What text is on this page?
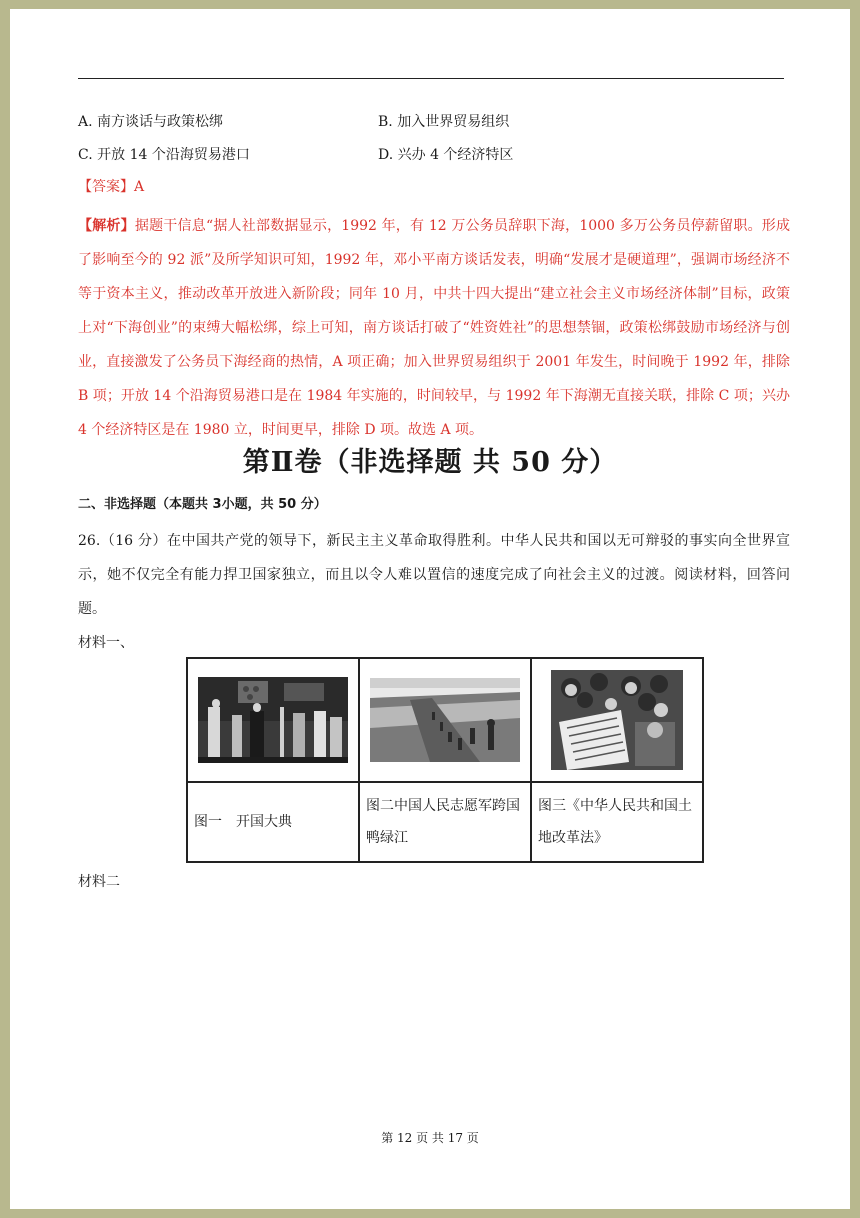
A. 南方谈话与政策松绑	B. 加入世界贸易组织
C. 开放 14 个沿海贸易港口	D. 兴办 4 个经济特区
【答案】A
【解析】据题干信息“据人社部数据显示，1992 年，有 12 万公务员辞职下海，1000 多万公务员停薪留职。形成了影响至今的 92 派”及所学知识可知，1992 年，邓小平南方谈话发表，明确“发展才是硬道理”，强调市场经济不等于资本主义，推动改革开放进入新阶段；同年 10 月，中共十四大提出“建立社会主义市场经济体制”目标，政策上对“下海创业”的束缚大幅松绑，综上可知，南方谈话打破了“姓资姓社”的思想禁锢，政策松绑鼓励市场经济与创业，直接激发了公务员下海经商的热情，A 项正确；加入世界贸易组织于 2001 年发生，时间晚于 1992 年，排除 B 项；开放 14 个沿海贸易港口是在 1984 年实施的，时间较早，与 1992 年下海潮无直接关联，排除 C 项；兴办 4 个经济特区是在 1980 立，时间更早，排除 D 项。故选 A 项。
第Ⅱ卷（非选择题 共 50 分）
二、非选择题（本题共 3小题，共 50 分）
26.（16 分）在中国共产党的领导下，新民主主义革命取得胜利。中华人民共和国以无可辩驳的事实向全世界宣示，她不仅完全有能力捍卫国家独立，而且以令人难以置信的速度完成了向社会主义的过渡。阅读材料，回答问题。
材料一、

图一　开国大典	图二中国人民志愿军跨国鸭绿江	图三《中华人民共和国土地改革法》
材料二
第 12 页 共 17 页
